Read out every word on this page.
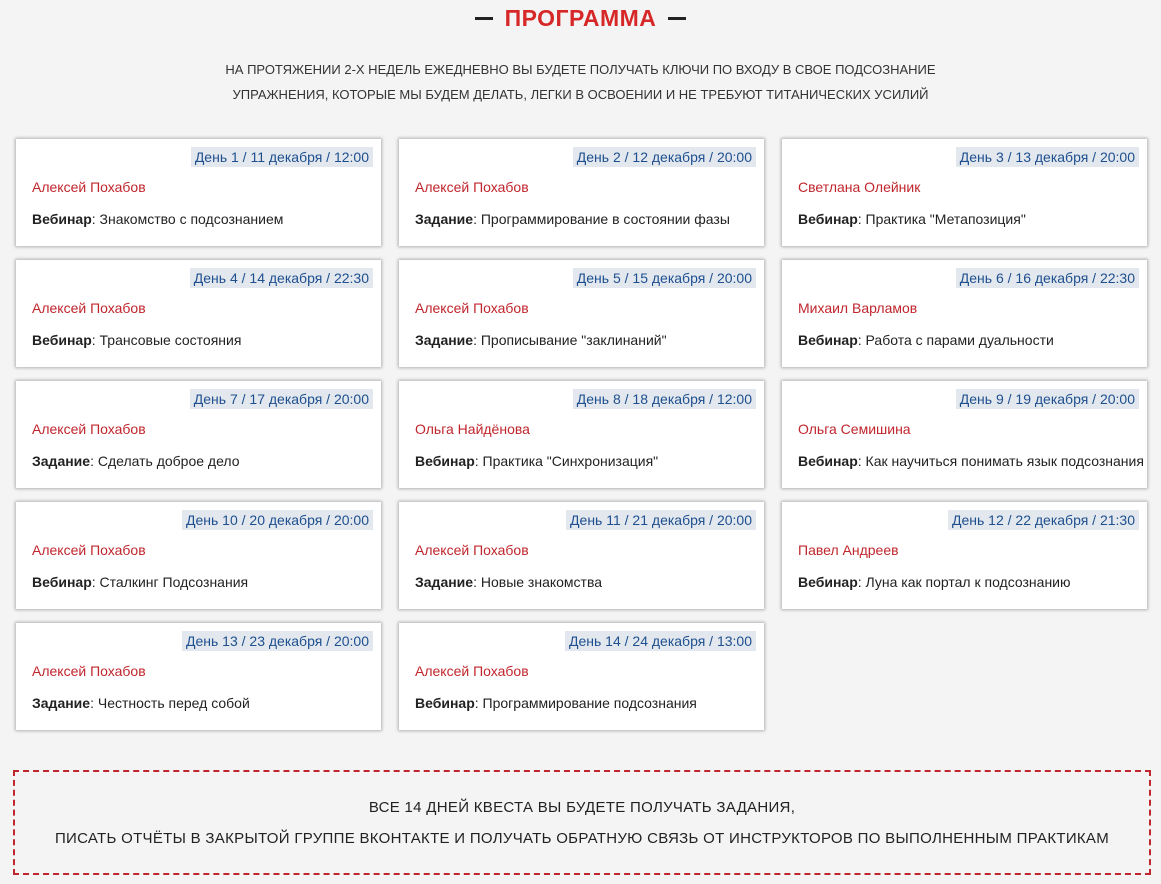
ПРОГРАММА
НА ПРОТЯЖЕНИИ 2-Х НЕДЕЛЬ ЕЖЕДНЕВНО ВЫ БУДЕТЕ ПОЛУЧАТЬ КЛЮЧИ ПО ВХОДУ В СВОЕ ПОДСОЗНАНИЕ
УПРАЖНЕНИЯ, КОТОРЫЕ МЫ БУДЕМ ДЕЛАТЬ, ЛЕГКИ В ОСВОЕНИИ И НЕ ТРЕБУЮТ ТИТАНИЧЕСКИХ УСИЛИЙ
День 1 / 11 декабря / 12:00
Алексей Похабов
Вебинар: Знакомство с подсознанием
День 2 / 12 декабря / 20:00
Алексей Похабов
Задание: Программирование в состоянии фазы
День 3 / 13 декабря / 20:00
Светлана Олейник
Вебинар: Практика "Метапозиция"
День 4 / 14 декабря / 22:30
Алексей Похабов
Вебинар: Трансовые состояния
День 5 / 15 декабря / 20:00
Алексей Похабов
Задание: Прописывание "заклинаний"
День 6 / 16 декабря / 22:30
Михаил Варламов
Вебинар: Работа с парами дуальности
День 7 / 17 декабря / 20:00
Алексей Похабов
Задание: Сделать доброе дело
День 8 / 18 декабря / 12:00
Ольга Найдёнова
Вебинар: Практика "Синхронизация"
День 9 / 19 декабря / 20:00
Ольга Семишина
Вебинар: Как научиться понимать язык подсознания
День 10 / 20 декабря / 20:00
Алексей Похабов
Вебинар: Сталкинг Подсознания
День 11 / 21 декабря / 20:00
Алексей Похабов
Задание: Новые знакомства
День 12 / 22 декабря / 21:30
Павел Андреев
Вебинар: Луна как портал к подсознанию
День 13 / 23 декабря / 20:00
Алексей Похабов
Задание: Честность перед собой
День 14 / 24 декабря / 13:00
Алексей Похабов
Вебинар: Программирование подсознания
ВСЕ 14 ДНЕЙ КВЕСТА ВЫ БУДЕТЕ ПОЛУЧАТЬ ЗАДАНИЯ,
ПИСАТЬ ОТЧЁТЫ В ЗАКРЫТОЙ ГРУППЕ ВКОНТАКТЕ И ПОЛУЧАТЬ ОБРАТНУЮ СВЯЗЬ ОТ ИНСТРУКТОРОВ ПО ВЫПОЛНЕННЫМ ПРАКТИКАМ
